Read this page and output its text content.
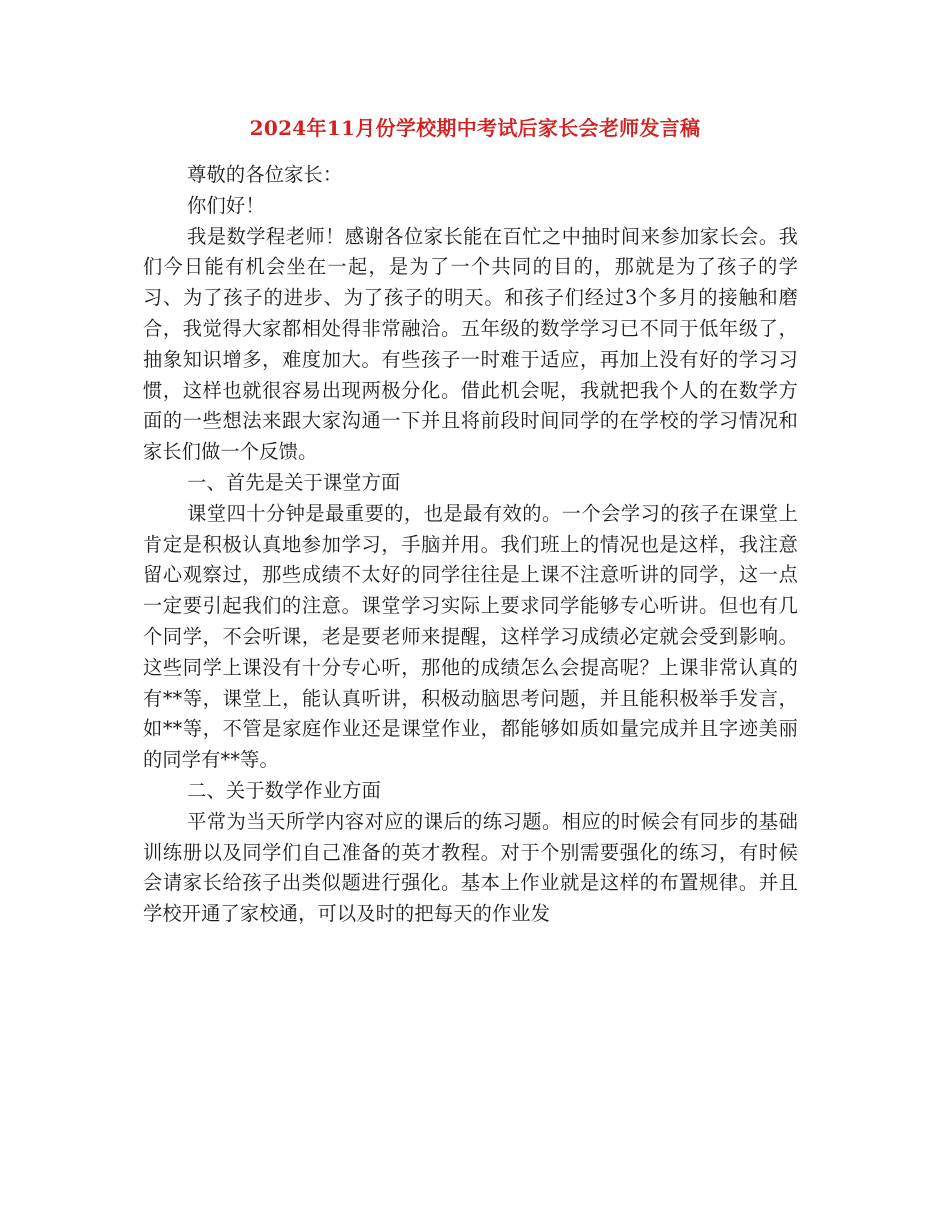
2024年11月份学校期中考试后家长会老师发言稿

尊敬的各位家长：

你们好！

我是数学程老师！感谢各位家长能在百忙之中抽时间来参加家长会。我们今日能有机会坐在一起，是为了一个共同的目的，那就是为了孩子的学习、为了孩子的进步、为了孩子的明天。和孩子们经过3个多月的接触和磨合，我觉得大家都相处得非常融洽。五年级的数学学习已不同于低年级了，抽象知识增多，难度加大。有些孩子一时难于适应，再加上没有好的学习习惯，这样也就很容易出现两极分化。借此机会呢，我就把我个人的在数学方面的一些想法来跟大家沟通一下并且将前段时间同学的在学校的学习情况和家长们做一个反馈。

一、首先是关于课堂方面

课堂四十分钟是最重要的，也是最有效的。一个会学习的孩子在课堂上肯定是积极认真地参加学习，手脑并用。我们班上的情况也是这样，我注意留心观察过，那些成绩不太好的同学往往是上课不注意听讲的同学，这一点一定要引起我们的注意。课堂学习实际上要求同学能够专心听讲。但也有几个同学，不会听课，老是要老师来提醒，这样学习成绩必定就会受到影响。这些同学上课没有十分专心听，那他的成绩怎么会提高呢？上课非常认真的有**等，课堂上，能认真听讲，积极动脑思考问题，并且能积极举手发言，如**等，不管是家庭作业还是课堂作业，都能够如质如量完成并且字迹美丽的同学有**等。

二、关于数学作业方面

平常为当天所学内容对应的课后的练习题。相应的时候会有同步的基础训练册以及同学们自己准备的英才教程。对于个别需要强化的练习，有时候会请家长给孩子出类似题进行强化。基本上作业就是这样的布置规律。并且学校开通了家校通，可以及时的把每天的作业发
